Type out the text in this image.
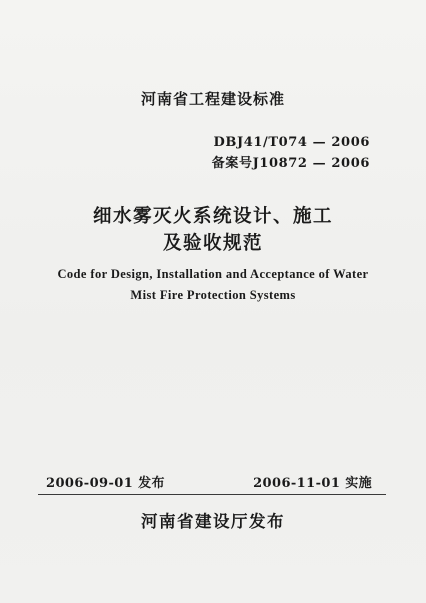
河南省工程建设标准
DBJ41/T074 — 2006
备案号J10872 — 2006
细水雾灭火系统设计、施工
及验收规范
Code for Design, Installation and Acceptance of Water
Mist Fire Protection Systems
2006-09-01 发布	2006-11-01 实施
河南省建设厅发布
